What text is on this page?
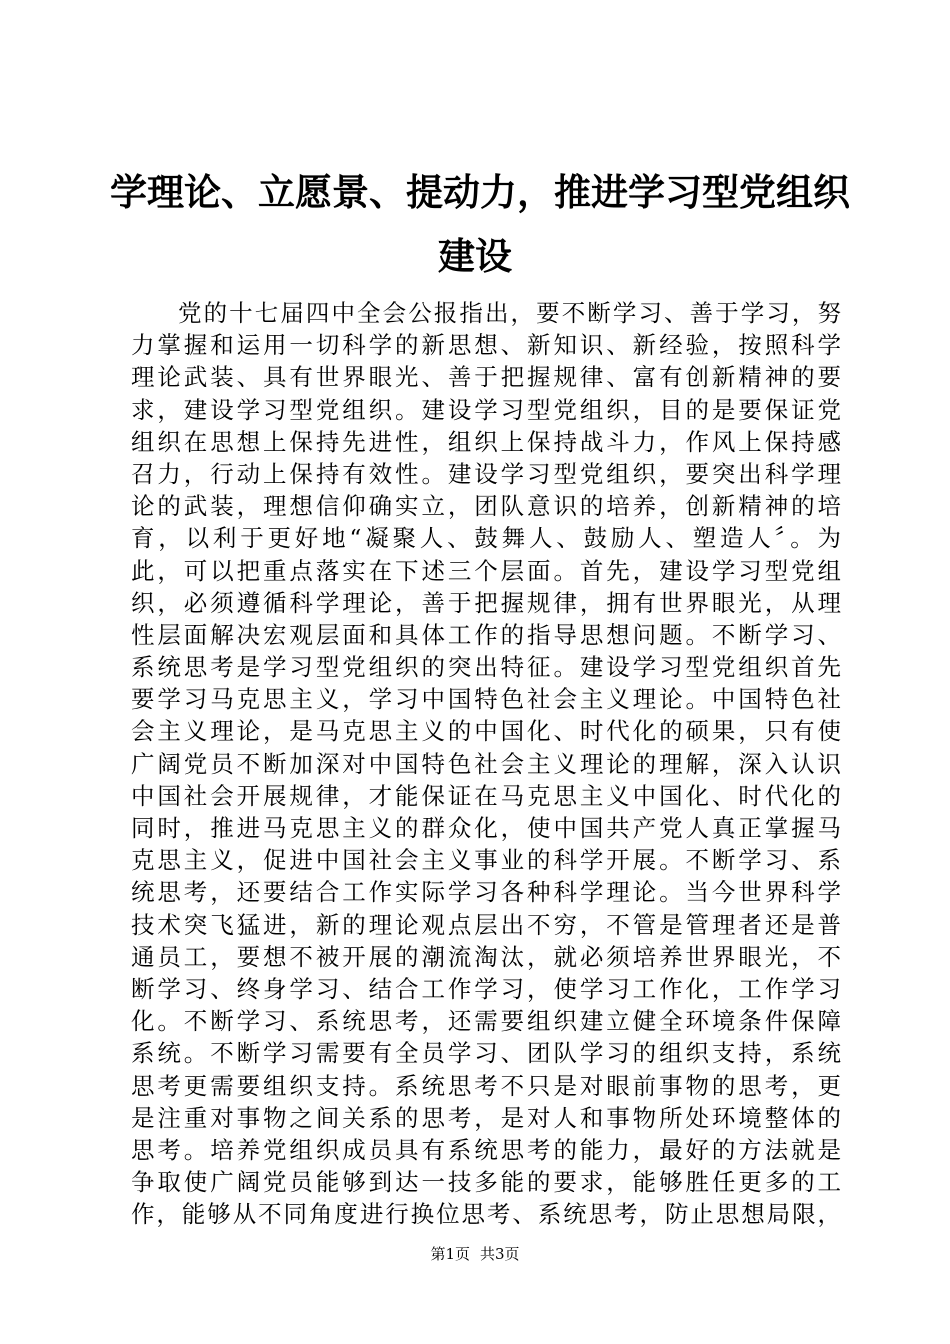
学理论、立愿景、提动力，推进学习型党组织
建设
党的十七届四中全会公报指出，要不断学习、善于学习，努
力掌握和运用一切科学的新思想、新知识、新经验，按照科学
理论武装、具有世界眼光、善于把握规律、富有创新精神的要
求，建设学习型党组织。建设学习型党组织，目的是要保证党
组织在思想上保持先进性，组织上保持战斗力，作风上保持感
召力，行动上保持有效性。建设学习型党组织，要突出科学理
论的武装，理想信仰确实立，团队意识的培养，创新精神的培
育，以利于更好地“凝聚人、鼓舞人、鼓励人、塑造人〞。为
此，可以把重点落实在下述三个层面。首先，建设学习型党组
织，必须遵循科学理论，善于把握规律，拥有世界眼光，从理
性层面解决宏观层面和具体工作的指导思想问题。不断学习、
系统思考是学习型党组织的突出特征。建设学习型党组织首先
要学习马克思主义，学习中国特色社会主义理论。中国特色社
会主义理论，是马克思主义的中国化、时代化的硕果，只有使
广阔党员不断加深对中国特色社会主义理论的理解，深入认识
中国社会开展规律，才能保证在马克思主义中国化、时代化的
同时，推进马克思主义的群众化，使中国共产党人真正掌握马
克思主义，促进中国社会主义事业的科学开展。不断学习、系
统思考，还要结合工作实际学习各种科学理论。当今世界科学
技术突飞猛进，新的理论观点层出不穷，不管是管理者还是普
通员工，要想不被开展的潮流淘汰，就必须培养世界眼光，不
断学习、终身学习、结合工作学习，使学习工作化，工作学习
化。不断学习、系统思考，还需要组织建立健全环境条件保障
系统。不断学习需要有全员学习、团队学习的组织支持，系统
思考更需要组织支持。系统思考不只是对眼前事物的思考，更
是注重对事物之间关系的思考，是对人和事物所处环境整体的
思考。培养党组织成员具有系统思考的能力，最好的方法就是
争取使广阔党员能够到达一技多能的要求，能够胜任更多的工
作，能够从不同角度进行换位思考、系统思考，防止思想局限，
第1页 共3页
